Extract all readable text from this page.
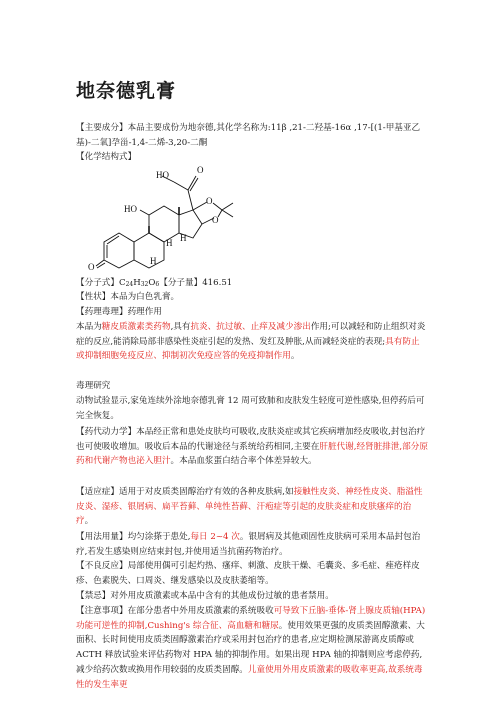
地奈德乳膏
【主要成分】本品主要成份为地奈德,其化学名称为:11β ,21-二羟基-16α ,17-[(1-甲基亚乙基)-二氧]孕甾-1,4-二烯-3,20-二酮
【化学结构式】
HO
HO
O
O
O
O
H H
H
【分子式】C24H32O6【分子量】416.51
【性状】本品为白色乳膏。
【药理毒理】药理作用
本品为糖皮质激素类药物,具有抗炎、抗过敏、止痒及减少渗出作用;可以减轻和防止组织对炎症的反应,能消除局部非感染性炎症引起的发热、发红及肿胀,从而减轻炎症的表现;具有防止或抑制细胞免疫反应、抑制初次免疫应答的免疫抑制作用。
毒理研究
动物试验显示,家兔连续外涂地奈德乳膏 12 周可致肺和皮肤发生轻度可逆性感染,但停药后可完全恢复。
【药代动力学】本品经正常和患处皮肤均可吸收,皮肤炎症或其它疾病增加经皮吸收,封包治疗也可使吸收增加。吸收后本品的代谢途径与系统给药相同,主要在肝脏代谢,经肾脏排泄,部分原药和代谢产物也泌入胆汁。本品血浆蛋白结合率个体差异较大。
【适应症】适用于对皮质类固醇治疗有效的各种皮肤病,如接触性皮炎、神经性皮炎、脂溢性皮炎、湿疹、银屑病、扁平苔藓、单纯性苔藓、汗疱症等引起的皮肤炎症和皮肤瘙痒的治疗。
【用法用量】均匀涂搽于患处,每日 2~4 次。银屑病及其他顽固性皮肤病可采用本品封包治疗,若发生感染则应结束封包,并使用适当抗菌药物治疗。
【不良反应】局部使用偶可引起灼热、瘙痒、刺激、皮肤干燥、毛囊炎、多毛症、痤疮样皮疹、色素脱失、口周炎、继发感染以及皮肤萎缩等。
【禁忌】对外用皮质激素或本品中含有的其他成份过敏的患者禁用。
【注意事项】在部分患者中外用皮质激素的系统吸收可导致下丘脑-垂体-肾上腺皮质轴(HPA)功能可逆性的抑制,Cushing's 综合征、高血糖和糖尿。使用效果更强的皮质类固醇激素、大面积、长时间使用皮质类固醇激素治疗或采用封包治疗的患者,应定期检测尿游离皮质醇或 ACTH 释放试验来评估药物对 HPA 轴的抑制作用。如果出现 HPA 轴的抑制则应考虑停药,减少给药次数或换用作用较弱的皮质类固醇。儿童使用外用皮质激素的吸收率更高,故系统毒性的发生率更
